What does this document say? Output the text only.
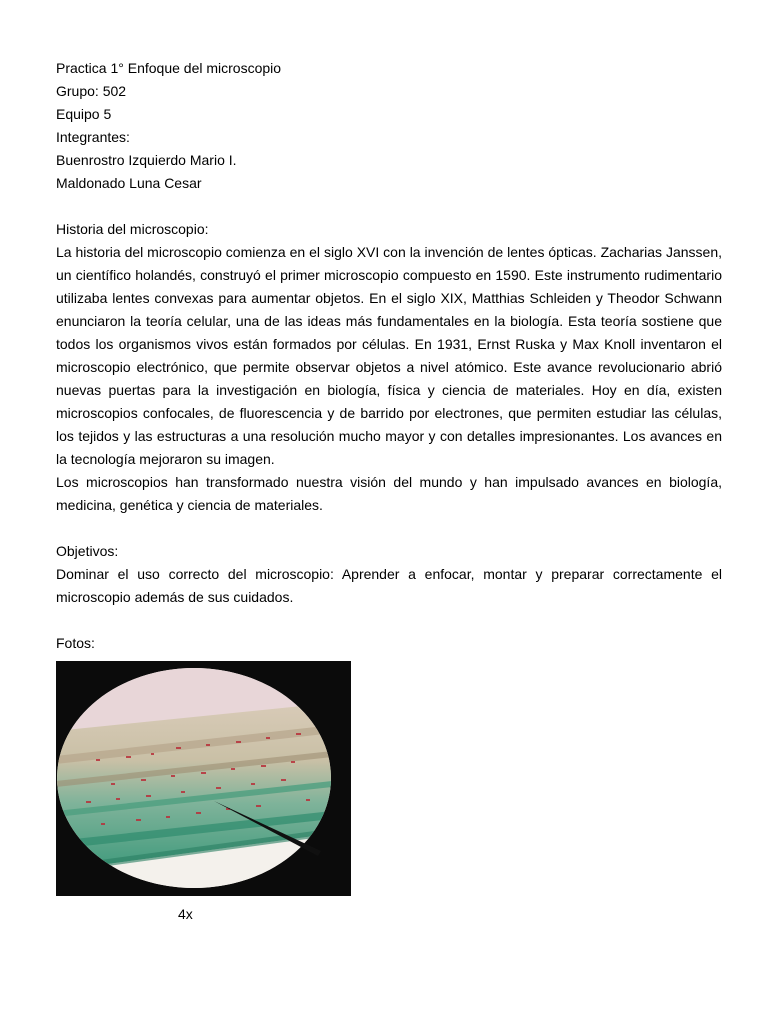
Practica 1° Enfoque del microscopio
Grupo: 502
Equipo 5
Integrantes:
Buenrostro Izquierdo Mario I.
Maldonado Luna Cesar
Historia del microscopio:
La historia del microscopio comienza en el siglo XVI con la invención de lentes ópticas. Zacharias Janssen, un científico holandés, construyó el primer microscopio compuesto en 1590. Este instrumento rudimentario utilizaba lentes convexas para aumentar objetos. En el siglo XIX, Matthias Schleiden y Theodor Schwann enunciaron la teoría celular, una de las ideas más fundamentales en la biología. Esta teoría sostiene que todos los organismos vivos están formados por células. En 1931, Ernst Ruska y Max Knoll inventaron el microscopio electrónico, que permite observar objetos a nivel atómico. Este avance revolucionario abrió nuevas puertas para la investigación en biología, física y ciencia de materiales. Hoy en día, existen microscopios confocales, de fluorescencia y de barrido por electrones, que permiten estudiar las células, los tejidos y las estructuras a una resolución mucho mayor y con detalles impresionantes. Los avances en la tecnología mejoraron su imagen.
Los microscopios han transformado nuestra visión del mundo y han impulsado avances en biología, medicina, genética y ciencia de materiales.
Objetivos:
Dominar el uso correcto del microscopio: Aprender a enfocar, montar y preparar correctamente el microscopio además de sus cuidados.
Fotos:
4x
